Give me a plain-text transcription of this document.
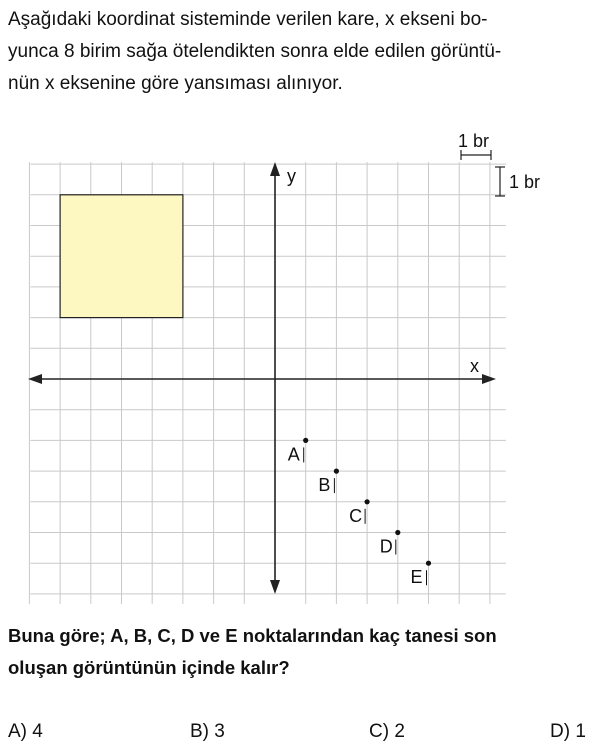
Aşağıdaki koordinat sisteminde verilen kare, x ekseni bo-
yunca 8 birim sağa ötelendikten sonra elde edilen görüntü-
nün x eksenine göre yansıması alınıyor.

x
y
1 br
1 br
A
B
C
D
E

Buna göre; A, B, C, D ve E noktalarından kaç tanesi son
oluşan görüntünün içinde kalır?

A) 4	B) 3	C) 2	D) 1
